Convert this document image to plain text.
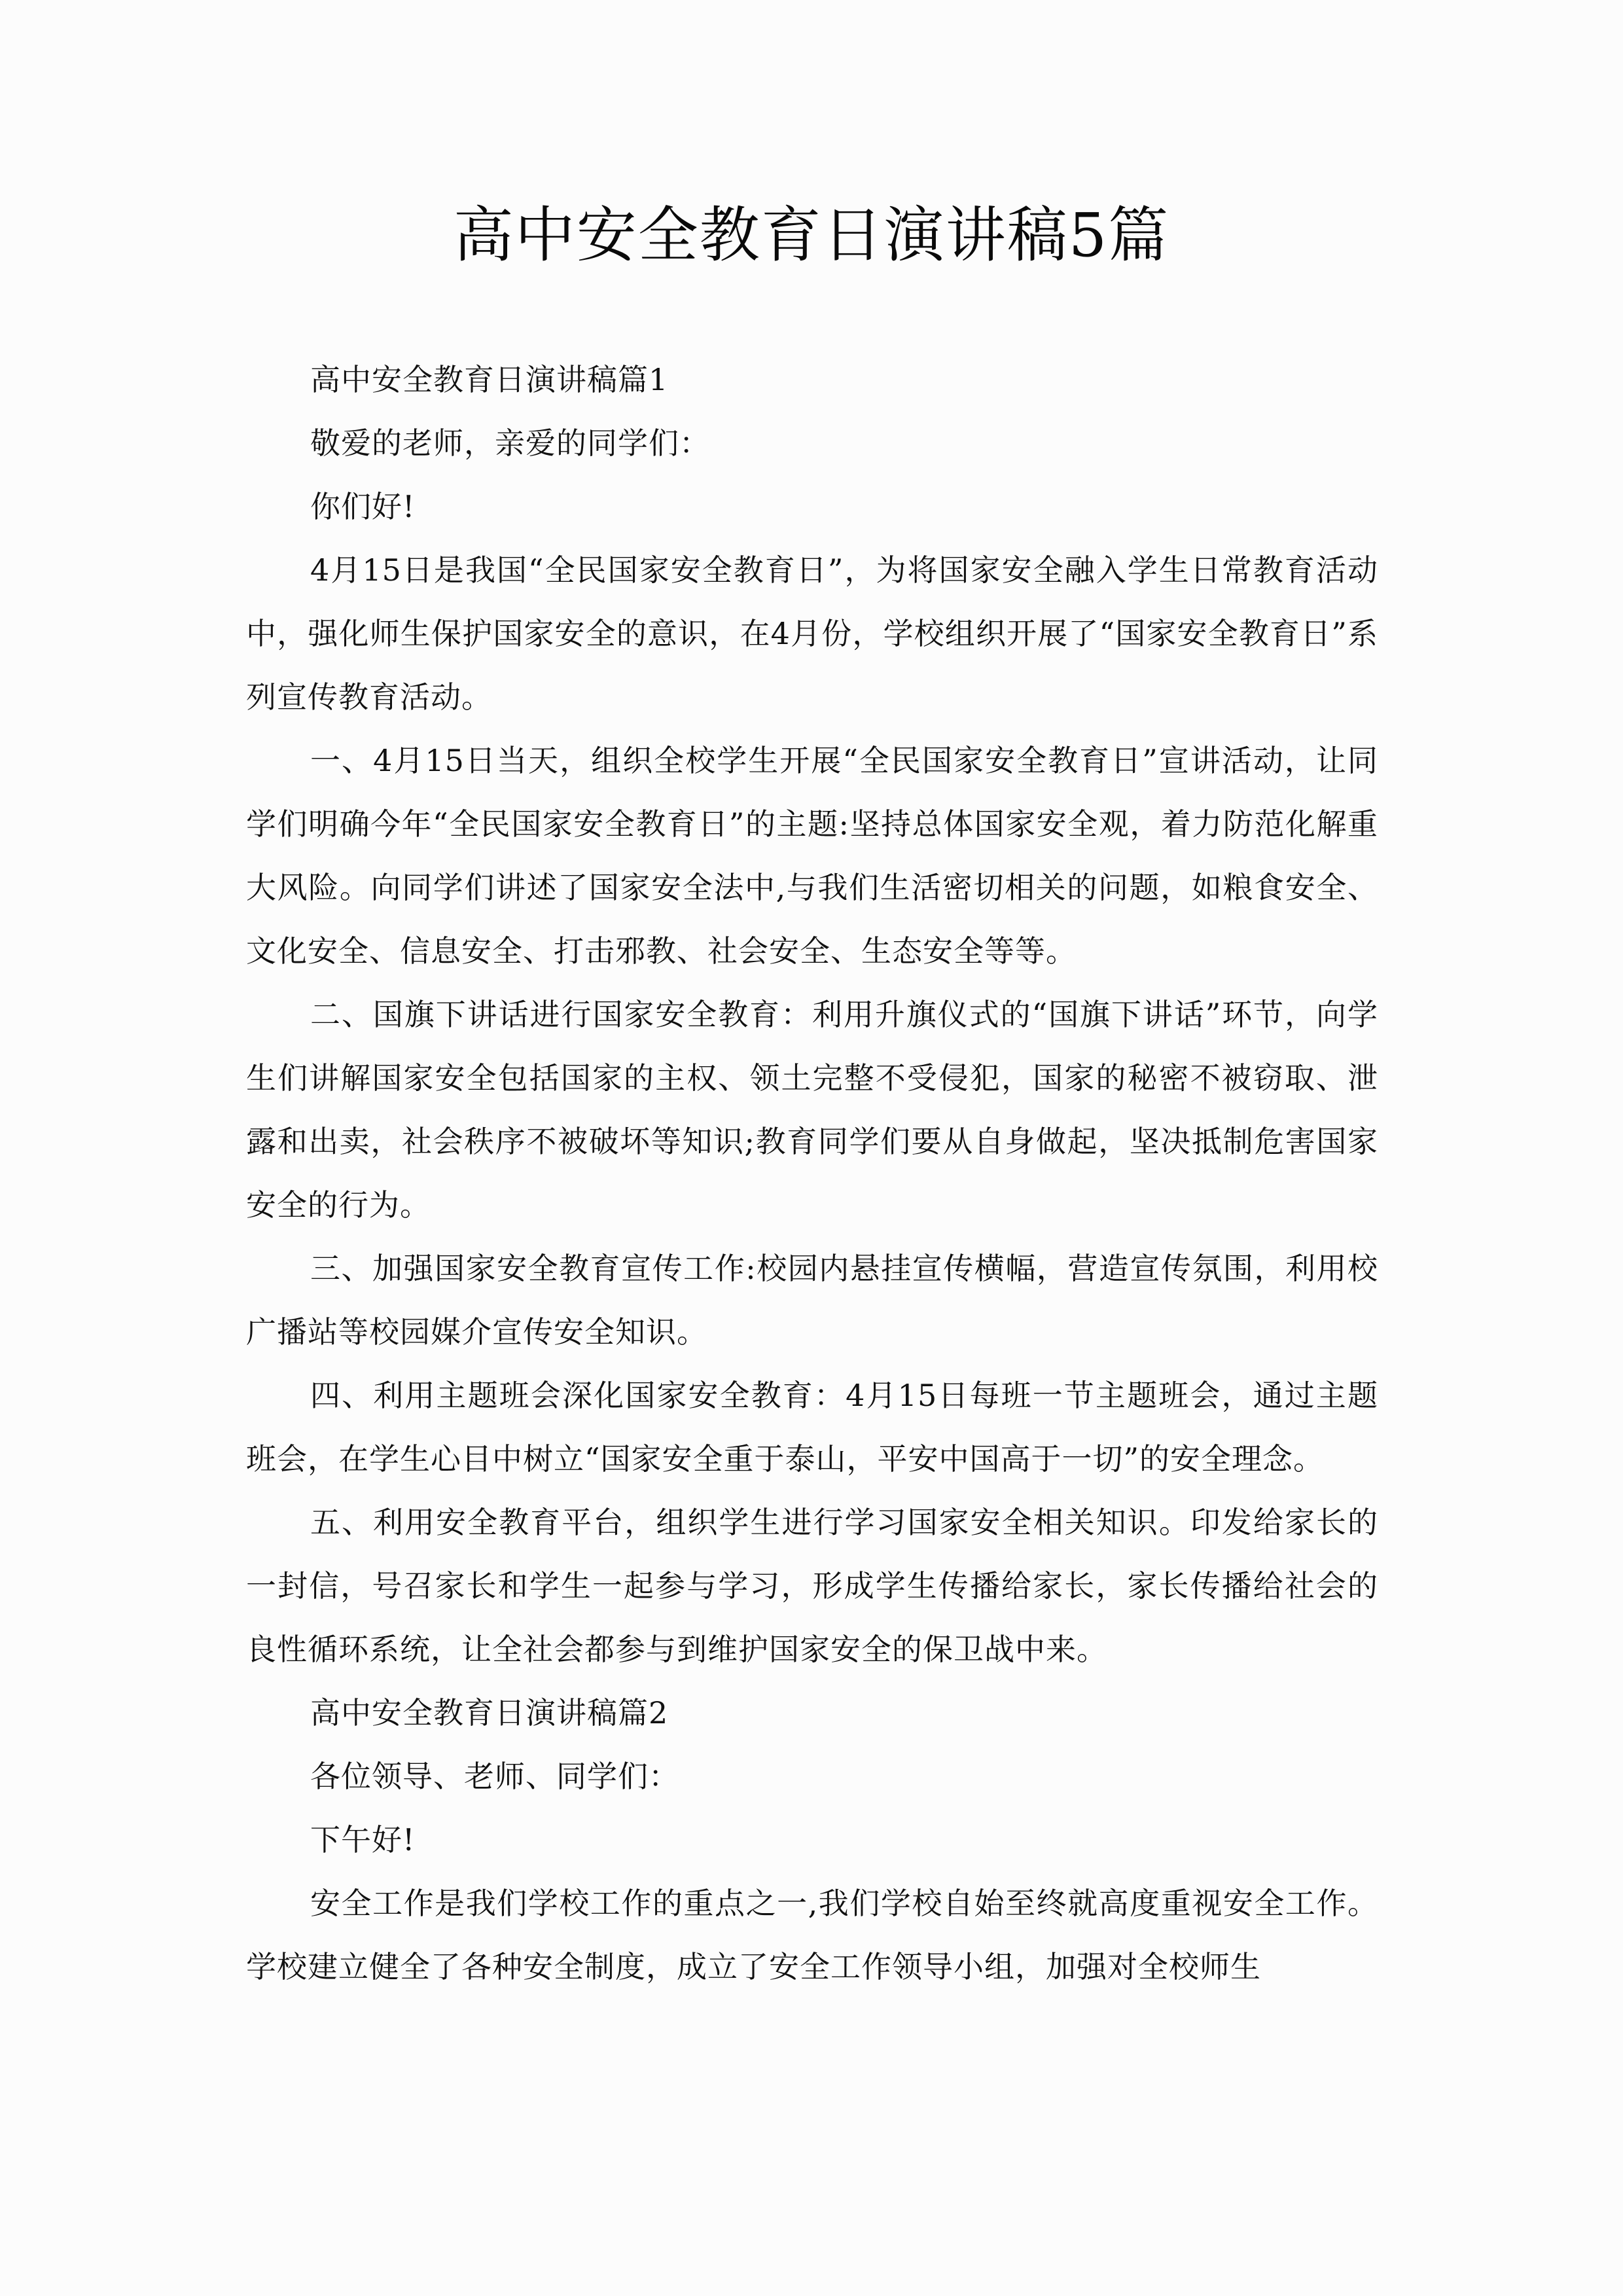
高中安全教育日演讲稿5篇

高中安全教育日演讲稿篇1

敬爱的老师，亲爱的同学们：

你们好!

4月15日是我国“全民国家安全教育日”，为将国家安全融入学生日常教育活动中，强化师生保护国家安全的意识，在4月份，学校组织开展了“国家安全教育日”系列宣传教育活动。

一、4月15日当天，组织全校学生开展“全民国家安全教育日”宣讲活动，让同学们明确今年“全民国家安全教育日”的主题:坚持总体国家安全观，着力防范化解重大风险。向同学们讲述了国家安全法中,与我们生活密切相关的问题，如粮食安全、文化安全、信息安全、打击邪教、社会安全、生态安全等等。

二、国旗下讲话进行国家安全教育：利用升旗仪式的“国旗下讲话”环节，向学生们讲解国家安全包括国家的主权、领土完整不受侵犯，国家的秘密不被窃取、泄露和出卖，社会秩序不被破坏等知识;教育同学们要从自身做起，坚决抵制危害国家安全的行为。

三、加强国家安全教育宣传工作:校园内悬挂宣传横幅，营造宣传氛围，利用校广播站等校园媒介宣传安全知识。

四、利用主题班会深化国家安全教育：4月15日每班一节主题班会，通过主题班会，在学生心目中树立“国家安全重于泰山，平安中国高于一切”的安全理念。

五、利用安全教育平台，组织学生进行学习国家安全相关知识。印发给家长的一封信，号召家长和学生一起参与学习，形成学生传播给家长，家长传播给社会的良性循环系统，让全社会都参与到维护国家安全的保卫战中来。

高中安全教育日演讲稿篇2

各位领导、老师、同学们：

下午好!

安全工作是我们学校工作的重点之一,我们学校自始至终就高度重视安全工作。学校建立健全了各种安全制度，成立了安全工作领导小组，加强对全校师生
